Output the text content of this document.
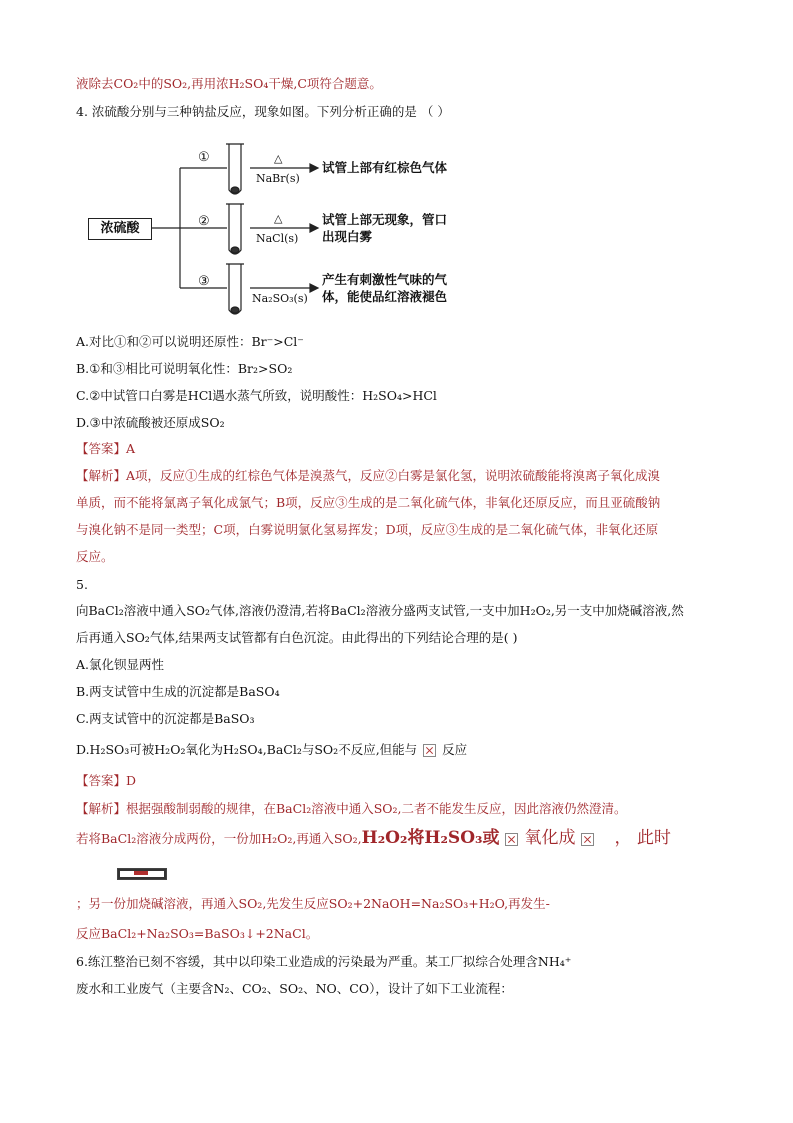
液除去CO₂中的SO₂,再用浓H₂SO₄干燥,C项符合题意。
4. 浓硫酸分别与三种钠盐反应，现象如图。下列分析正确的是 （ ）
浓硫酸
①
②
③
△
NaBr(s)
△
NaCl(s)
Na₂SO₃(s)
试管上部有红棕色气体
试管上部无现象，管口
出现白雾
产生有刺激性气味的气
体，能使品红溶液褪色
A.对比①和②可以说明还原性：Br⁻>Cl⁻
B.①和③相比可说明氧化性：Br₂>SO₂
C.②中试管口白雾是HCl遇水蒸气所致，说明酸性：H₂SO₄>HCl
D.③中浓硫酸被还原成SO₂
【答案】A
【解析】A项，反应①生成的红棕色气体是溴蒸气，反应②白雾是氯化氢，说明浓硫酸能将溴离子氧化成溴
单质，而不能将氯离子氧化成氯气；B项，反应③生成的是二氧化硫气体，非氧化还原反应，而且亚硫酸钠
与溴化钠不是同一类型；C项，白雾说明氯化氢易挥发；D项，反应③生成的是二氧化硫气体，非氧化还原
反应。
5.
向BaCl₂溶液中通入SO₂气体,溶液仍澄清,若将BaCl₂溶液分盛两支试管,一支中加H₂O₂,另一支中加烧碱溶液,然
后再通入SO₂气体,结果两支试管都有白色沉淀。由此得出的下列结论合理的是( )
A.氯化钡显两性
B.两支试管中生成的沉淀都是BaSO₄
C.两支试管中的沉淀都是BaSO₃
D.H₂SO₃可被H₂O₂氧化为H₂SO₄,BaCl₂与SO₂不反应,但能与 反应
【答案】D
【解析】根据强酸制弱酸的规律，在BaCl₂溶液中通入SO₂,二者不能发生反应，因此溶液仍然澄清。
若将BaCl₂溶液分成两份，一份加H₂O₂,再通入SO₂,H₂O₂将H₂SO₃或 氧化成 ， 此时
；另一份加烧碱溶液，再通入SO₂,先发生反应SO₂+2NaOH=Na₂SO₃+H₂O,再发生-
反应BaCl₂+Na₂SO₃=BaSO₃↓+2NaCl。
6.练江整治已刻不容缓，其中以印染工业造成的污染最为严重。某工厂拟综合处理含NH₄⁺
废水和工业废气（主要含N₂、CO₂、SO₂、NO、CO），设计了如下工业流程：
